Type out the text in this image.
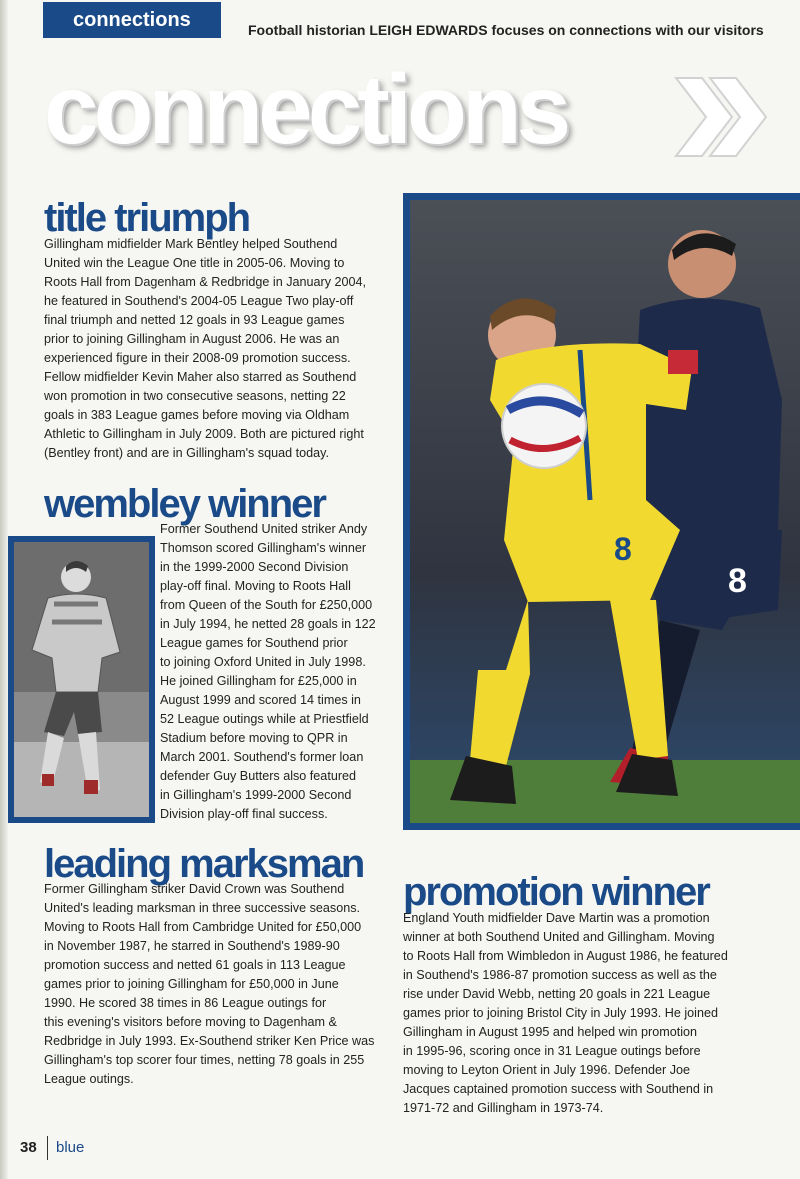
connections	Football historian LEIGH EDWARDS focuses on connections with our visitors
connections
title triumph
Gillingham midfielder Mark Bentley helped Southend
United win the League One title in 2005-06. Moving to
Roots Hall from Dagenham & Redbridge in January 2004,
he featured in Southend's 2004-05 League Two play-off
final triumph and netted 12 goals in 93 League games
prior to joining Gillingham in August 2006. He was an
experienced figure in their 2008-09 promotion success.
Fellow midfielder Kevin Maher also starred as Southend
won promotion in two consecutive seasons, netting 22
goals in 383 League games before moving via Oldham
Athletic to Gillingham in July 2009. Both are pictured right
(Bentley front) and are in Gillingham's squad today.
wembley winner
Former Southend United striker Andy
Thomson scored Gillingham's winner
in the 1999-2000 Second Division
play-off final. Moving to Roots Hall
from Queen of the South for £250,000
in July 1994, he netted 28 goals in 122
League games for Southend prior
to joining Oxford United in July 1998.
He joined Gillingham for £25,000 in
August 1999 and scored 14 times in
52 League outings while at Priestfield
Stadium before moving to QPR in
March 2001. Southend's former loan
defender Guy Butters also featured
in Gillingham's 1999-2000 Second
Division play-off final success.
leading marksman
Former Gillingham striker David Crown was Southend
United's leading marksman in three successive seasons.
Moving to Roots Hall from Cambridge United for £50,000
in November 1987, he starred in Southend's 1989-90
promotion success and netted 61 goals in 113 League
games prior to joining Gillingham for £50,000 in June
1990. He scored 38 times in 86 League outings for
this evening's visitors before moving to Dagenham &
Redbridge in July 1993. Ex-Southend striker Ken Price was
Gillingham's top scorer four times, netting 78 goals in 255
League outings.
promotion winner
England Youth midfielder Dave Martin was a promotion
winner at both Southend United and Gillingham. Moving
to Roots Hall from Wimbledon in August 1986, he featured
in Southend's 1986-87 promotion success as well as the
rise under David Webb, netting 20 goals in 221 League
games prior to joining Bristol City in July 1993. He joined
Gillingham in August 1995 and helped win promotion
in 1995-96, scoring once in 31 League outings before
moving to Leyton Orient in July 1996. Defender Joe
Jacques captained promotion success with Southend in
1971-72 and Gillingham in 1973-74.
8
8
38 blue
